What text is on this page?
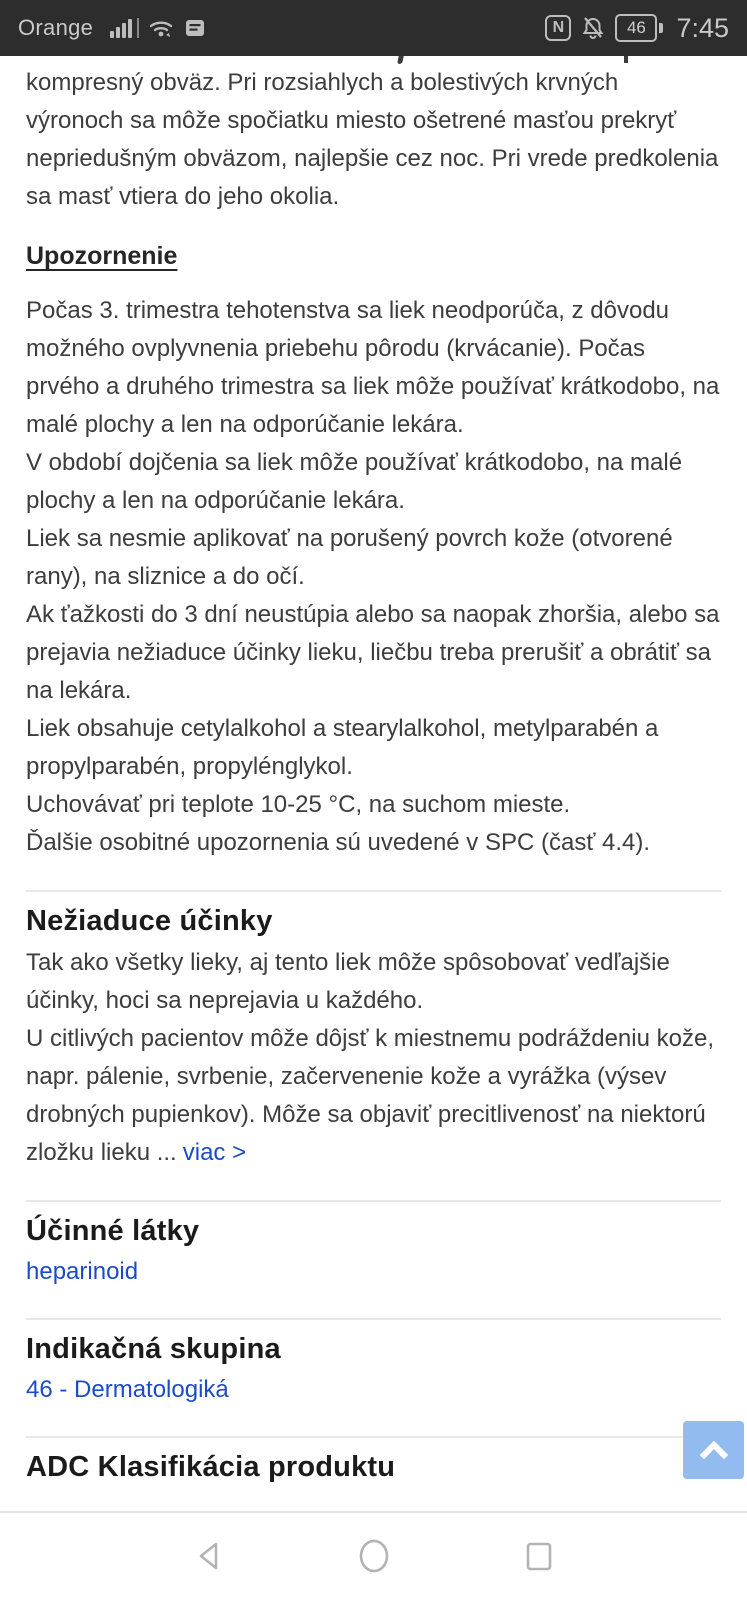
Orange	N	46	7:45

kompresný obväz. Pri rozsiahlych a bolestivých krvných výronoch sa môže spočiatku miesto ošetrené masťou prekryť nepriedušným obväzom, najlepšie cez noc. Pri vrede predkolenia sa masť vtiera do jeho okolia.

Upozornenie
Počas 3. trimestra tehotenstva sa liek neodporúča, z dôvodu možného ovplyvnenia priebehu pôrodu (krvácanie). Počas prvého a druhého trimestra sa liek môže používať krátkodobo, na malé plochy a len na odporúčanie lekára.
V období dojčenia sa liek môže používať krátkodobo, na malé plochy a len na odporúčanie lekára.
Liek sa nesmie aplikovať na porušený povrch kože (otvorené rany), na sliznice a do očí.
Ak ťažkosti do 3 dní neustúpia alebo sa naopak zhoršia, alebo sa prejavia nežiaduce účinky lieku, liečbu treba prerušiť a obrátiť sa na lekára.
Liek obsahuje cetylalkohol a stearylalkohol, metylparabén a propylparabén, propylénglykol.
Uchovávať pri teplote 10-25 °C, na suchom mieste.
Ďalšie osobitné upozornenia sú uvedené v SPC (časť 4.4).
Nežiaduce účinky
Tak ako všetky lieky, aj tento liek môže spôsobovať vedľajšie účinky, hoci sa neprejavia u každého.
U citlivých pacientov môže dôjsť k miestnemu podráždeniu kože, napr. pálenie, svrbenie, začervenenie kože a vyrážka (výsev drobných pupienkov). Môže sa objaviť precitlivenosť na niektorú zložku lieku ... viac >
Účinné látky
heparinoid
Indikačná skupina
46 - Dermatologiká
ADC Klasifikácia produktu
